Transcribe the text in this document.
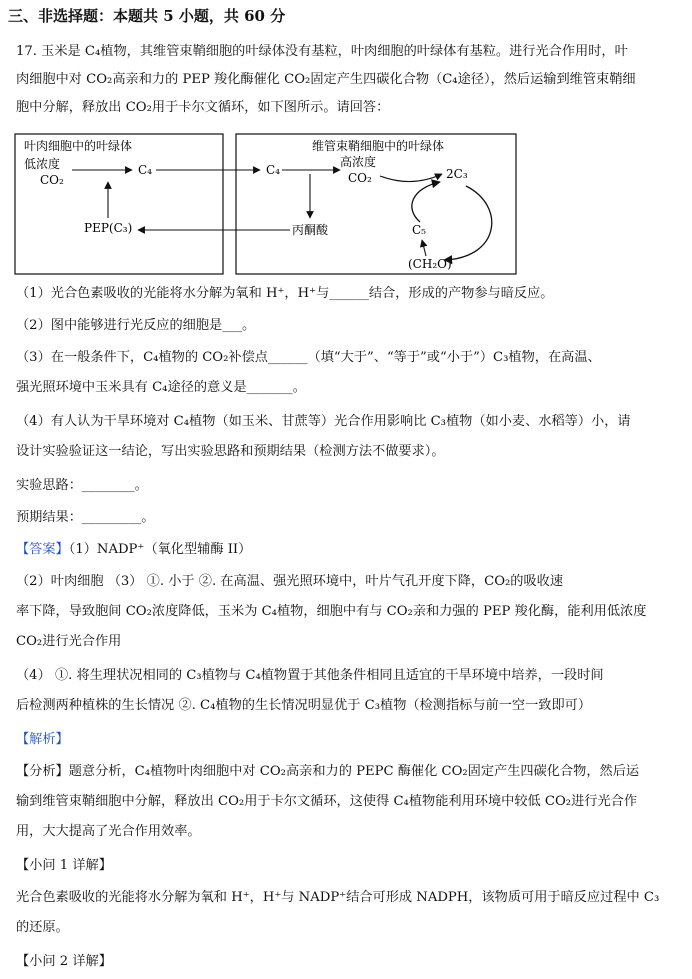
三、非选择题：本题共 5 小题，共 60 分
17. 玉米是 C₄植物，其维管束鞘细胞的叶绿体没有基粒，叶肉细胞的叶绿体有基粒。进行光合作用时，叶
肉细胞中对 CO₂高亲和力的 PEP 羧化酶催化 CO₂固定产生四碳化合物（C₄途径），然后运输到维管束鞘细
胞中分解，释放出 CO₂用于卡尔文循环，如下图所示。请回答：
叶肉细胞中的叶绿体
低浓度
CO₂
C₄
PEP(C₃)
维管束鞘细胞中的叶绿体
C₄
高浓度
CO₂	2C₃
C₅
(CH₂O)
丙酮酸
（1）光合色素吸收的光能将水分解为氧和 H⁺，H⁺与______结合，形成的产物参与暗反应。
（2）图中能够进行光反应的细胞是___。
（3）在一般条件下，C₄植物的 CO₂补偿点______（填“大于”、“等于”或“小于”）C₃植物，在高温、
强光照环境中玉米具有 C₄途径的意义是_______。
（4）有人认为干旱环境对 C₄植物（如玉米、甘蔗等）光合作用影响比 C₃植物（如小麦、水稻等）小，请
设计实验验证这一结论，写出实验思路和预期结果（检测方法不做要求）。
实验思路：________。
预期结果：_________。
【答案】（1）NADP⁺（氧化型辅酶 II）
（2）叶肉细胞 （3） ①. 小于 ②. 在高温、强光照环境中，叶片气孔开度下降，CO₂的吸收速
率下降，导致胞间 CO₂浓度降低，玉米为 C₄植物，细胞中有与 CO₂亲和力强的 PEP 羧化酶，能利用低浓度
CO₂进行光合作用
（4） ①. 将生理状况相同的 C₃植物与 C₄植物置于其他条件相同且适宜的干旱环境中培养，一段时间
后检测两种植株的生长情况 ②. C₄植物的生长情况明显优于 C₃植物（检测指标与前一空一致即可）
【解析】
【分析】题意分析，C₄植物叶肉细胞中对 CO₂高亲和力的 PEPC 酶催化 CO₂固定产生四碳化合物，然后运
输到维管束鞘细胞中分解，释放出 CO₂用于卡尔文循环，这使得 C₄植物能利用环境中较低 CO₂进行光合作
用，大大提高了光合作用效率。
【小问 1 详解】
光合色素吸收的光能将水分解为氧和 H⁺，H⁺与 NADP⁺结合可形成 NADPH，该物质可用于暗反应过程中 C₃
的还原。
【小问 2 详解】
